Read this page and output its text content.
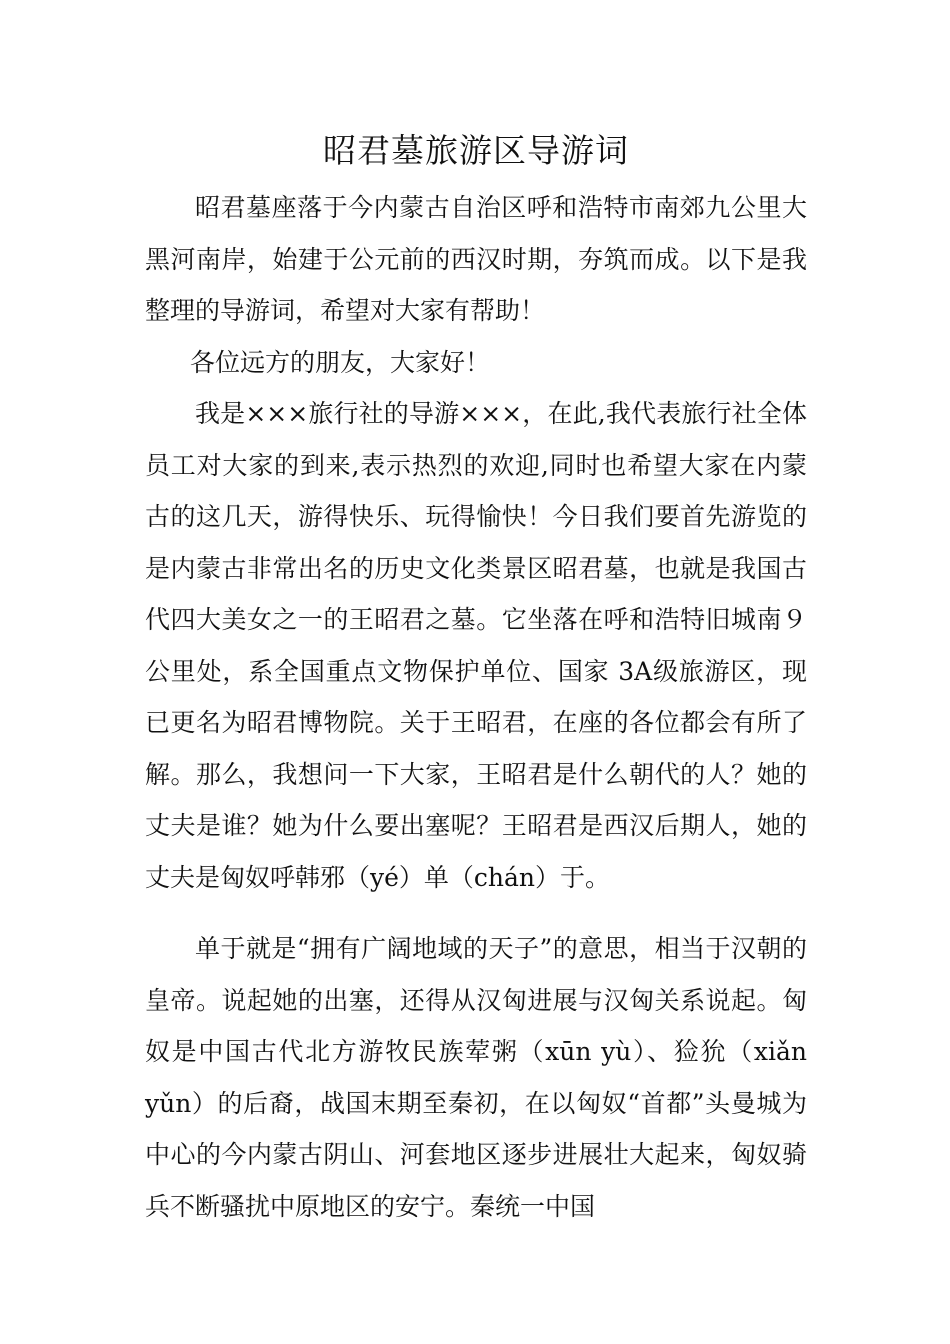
昭君墓旅游区导游词

昭君墓座落于今内蒙古自治区呼和浩特市南郊九公里大黑河南岸，始建于公元前的西汉时期，夯筑而成。以下是我整理的导游词，希望对大家有帮助！

各位远方的朋友，大家好！

我是×××旅行社的导游×××，在此,我代表旅行社全体员工对大家的到来,表示热烈的欢迎,同时也希望大家在内蒙古的这几天，游得快乐、玩得愉快！今日我们要首先游览的是内蒙古非常出名的历史文化类景区昭君墓，也就是我国古代四大美女之一的王昭君之墓。它坐落在呼和浩特旧城南９公里处，系全国重点文物保护单位、国家 3A级旅游区，现已更名为昭君博物院。关于王昭君，在座的各位都会有所了解。那么，我想问一下大家，王昭君是什么朝代的人？她的丈夫是谁？她为什么要出塞呢？王昭君是西汉后期人，她的丈夫是匈奴呼韩邪（yé）单（chán）于。

单于就是“拥有广阔地域的天子”的意思，相当于汉朝的皇帝。说起她的出塞，还得从汉匈进展与汉匈关系说起。匈奴是中国古代北方游牧民族荤粥（xūn yù）、猃狁（xiǎn yǔn）的后裔，战国末期至秦初，在以匈奴“首都”头曼城为中心的今内蒙古阴山、河套地区逐步进展壮大起来，匈奴骑兵不断骚扰中原地区的安宁。秦统一中国
